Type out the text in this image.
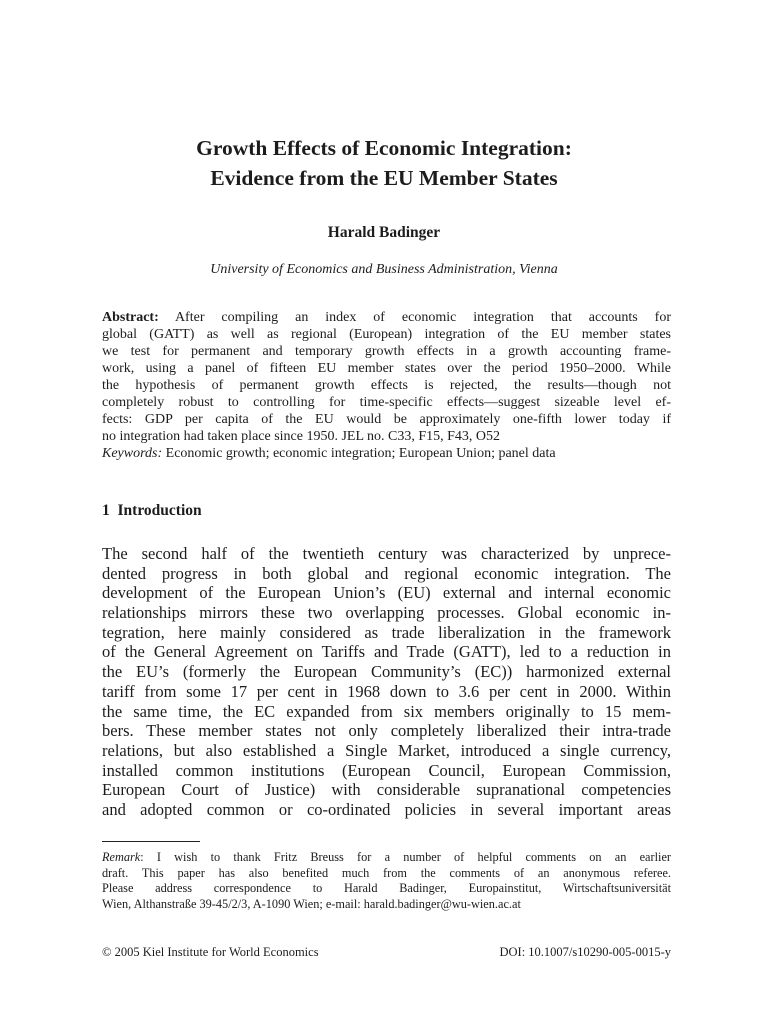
Growth Effects of Economic Integration:
Evidence from the EU Member States
Harald Badinger
University of Economics and Business Administration, Vienna
Abstract: After compiling an index of economic integration that accounts for
global (GATT) as well as regional (European) integration of the EU member states
we test for permanent and temporary growth effects in a growth accounting frame-
work, using a panel of fifteen EU member states over the period 1950–2000. While
the hypothesis of permanent growth effects is rejected, the results—though not
completely robust to controlling for time-specific effects—suggest sizeable level ef-
fects: GDP per capita of the EU would be approximately one-fifth lower today if
no integration had taken place since 1950. JEL no. C33, F15, F43, O52
Keywords: Economic growth; economic integration; European Union; panel data
1 Introduction
The second half of the twentieth century was characterized by unprece-
dented progress in both global and regional economic integration. The
development of the European Union’s (EU) external and internal economic
relationships mirrors these two overlapping processes. Global economic in-
tegration, here mainly considered as trade liberalization in the framework
of the General Agreement on Tariffs and Trade (GATT), led to a reduction in
the EU’s (formerly the European Community’s (EC)) harmonized external
tariff from some 17 per cent in 1968 down to 3.6 per cent in 2000. Within
the same time, the EC expanded from six members originally to 15 mem-
bers. These member states not only completely liberalized their intra-trade
relations, but also established a Single Market, introduced a single currency,
installed common institutions (European Council, European Commission,
European Court of Justice) with considerable supranational competencies
and adopted common or co-ordinated policies in several important areas
Remark: I wish to thank Fritz Breuss for a number of helpful comments on an earlier
draft. This paper has also benefited much from the comments of an anonymous referee.
Please address correspondence to Harald Badinger, Europainstitut, Wirtschaftsuniversität
Wien, Althanstraße 39-45/2/3, A-1090 Wien; e-mail: harald.badinger@wu-wien.ac.at
© 2005 Kiel Institute for World Economics	DOI: 10.1007/s10290-005-0015-y
